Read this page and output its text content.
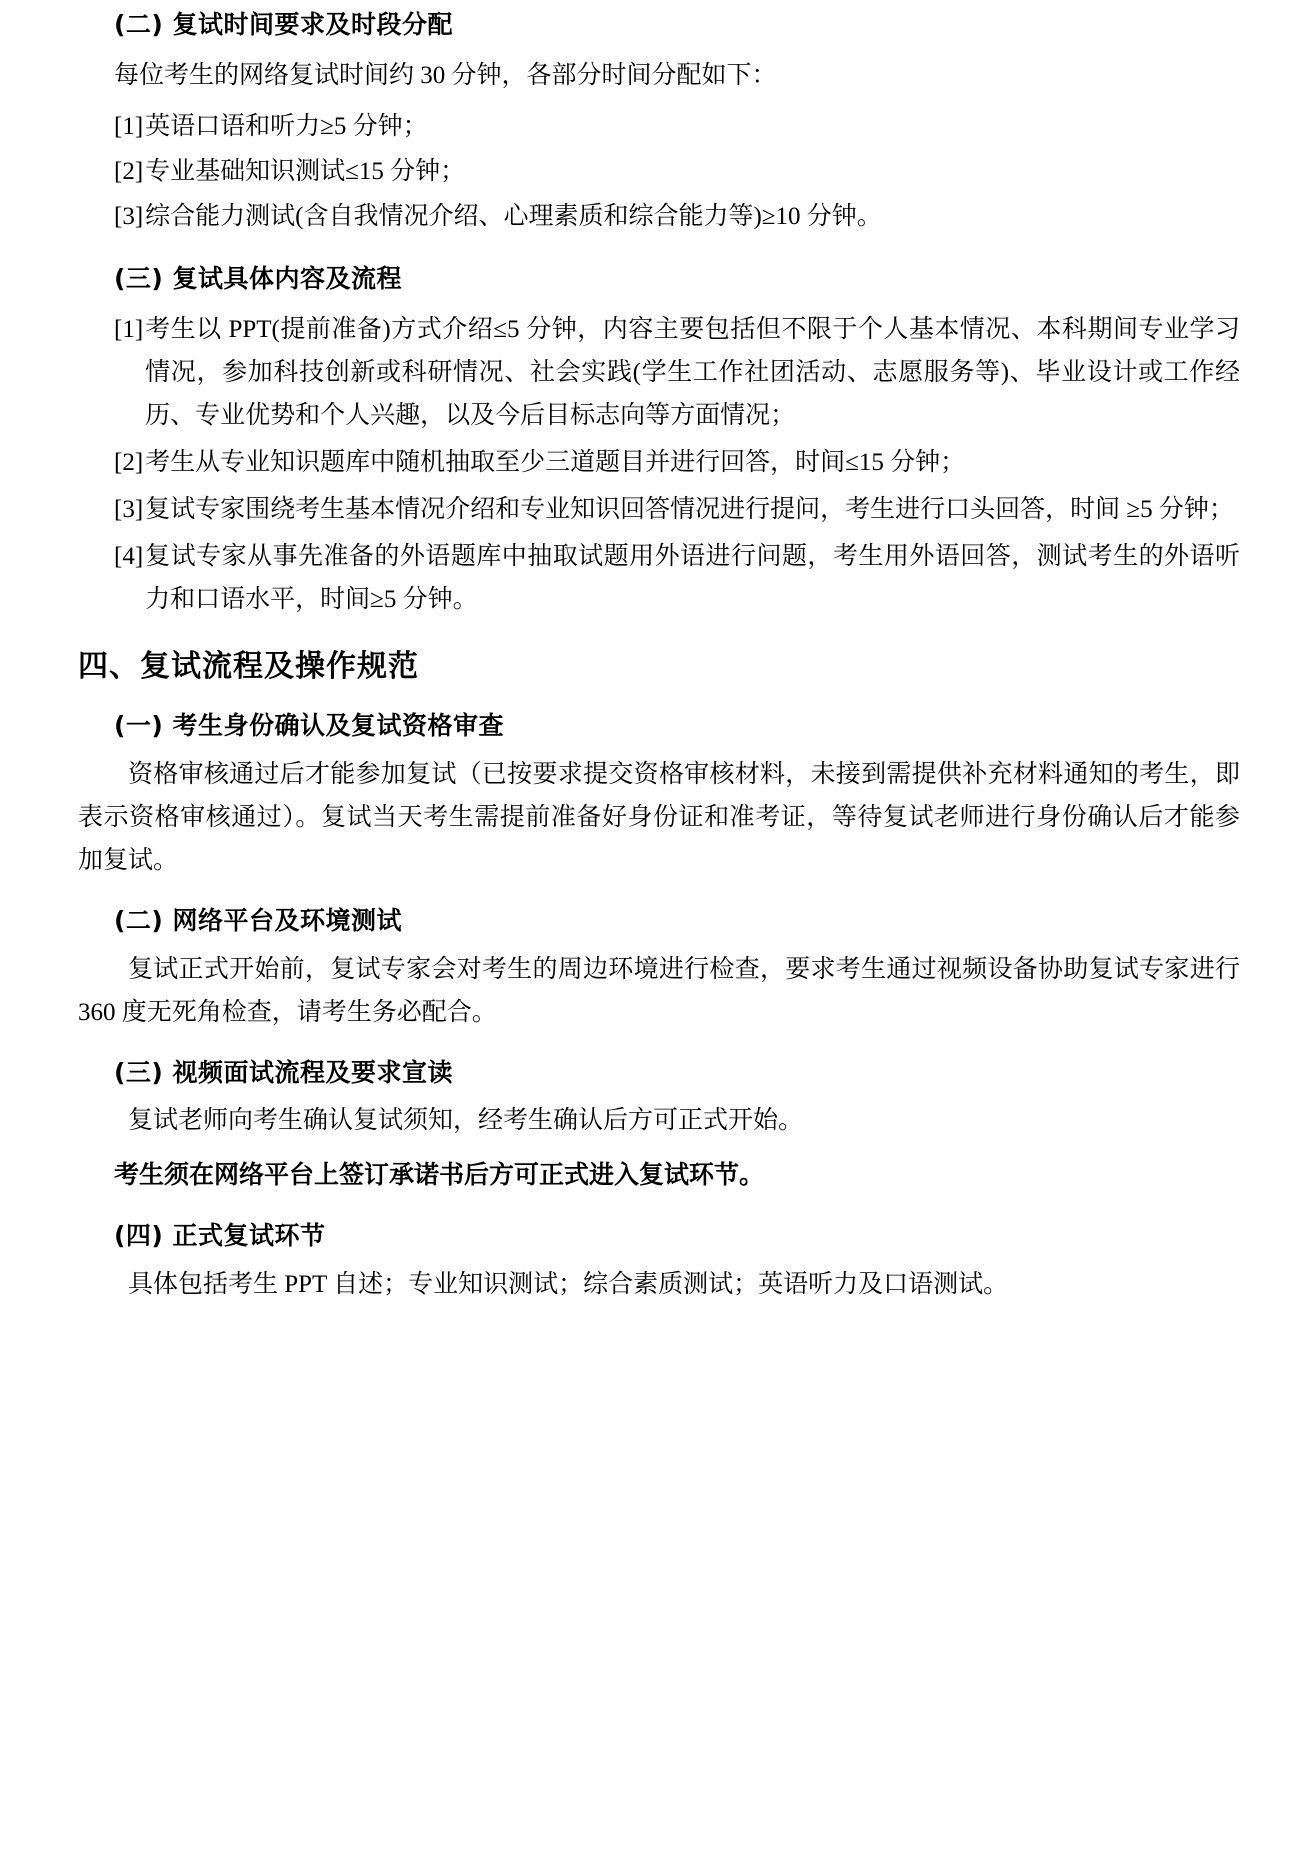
(二) 复试时间要求及时段分配

每位考生的网络复试时间约 30 分钟，各部分时间分配如下：

[1] 英语口语和听力≥5 分钟；
[2] 专业基础知识测试≤15 分钟；
[3] 综合能力测试(含自我情况介绍、心理素质和综合能力等)≥10 分钟。
(三) 复试具体内容及流程
[1] 考生以 PPT(提前准备)方式介绍≤5 分钟，内容主要包括但不限于个人基本情况、本科期间专业学习情况，参加科技创新或科研情况、社会实践(学生工作社团活动、志愿服务等)、毕业设计或工作经历、专业优势和个人兴趣，以及今后目标志向等方面情况；
[2] 考生从专业知识题库中随机抽取至少三道题目并进行回答，时间≤15 分钟；
[3] 复试专家围绕考生基本情况介绍和专业知识回答情况进行提问，考生进行口头回答，时间 ≥5 分钟；
[4] 复试专家从事先准备的外语题库中抽取试题用外语进行问题，考生用外语回答，测试考生的外语听力和口语水平，时间≥5 分钟。
四、复试流程及操作规范
(一) 考生身份确认及复试资格审查

资格审核通过后才能参加复试（已按要求提交资格审核材料，未接到需提供补充材料通知的考生，即表示资格审核通过）。复试当天考生需提前准备好身份证和准考证，等待复试老师进行身份确认后才能参加复试。

(二) 网络平台及环境测试

复试正式开始前，复试专家会对考生的周边环境进行检查，要求考生通过视频设备协助复试专家进行 360 度无死角检查，请考生务必配合。

(三) 视频面试流程及要求宣读

复试老师向考生确认复试须知，经考生确认后方可正式开始。

考生须在网络平台上签订承诺书后方可正式进入复试环节。

(四) 正式复试环节

具体包括考生 PPT 自述；专业知识测试；综合素质测试；英语听力及口语测试。
